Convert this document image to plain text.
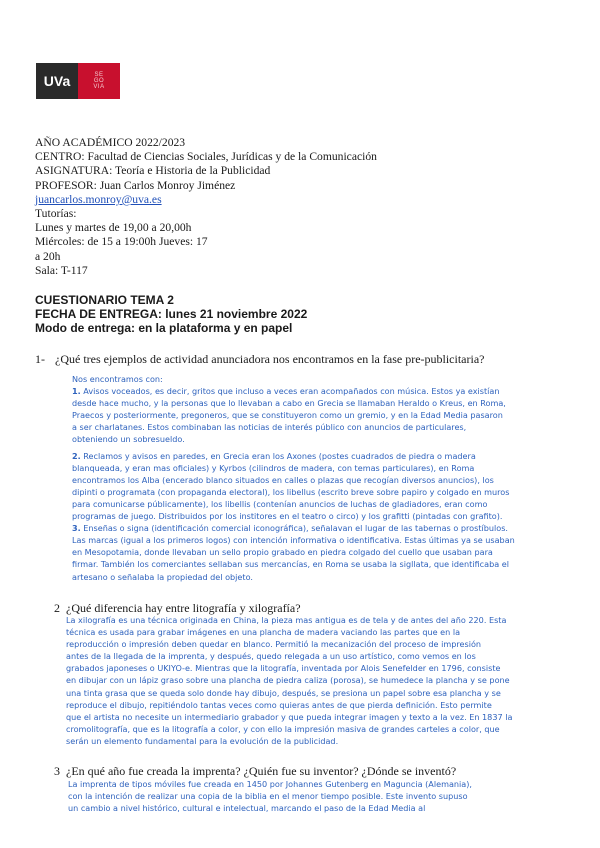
UVa	SE
GO
VIA
AÑO ACADÉMICO 2022/2023
CENTRO: Facultad de Ciencias Sociales, Jurídicas y de la Comunicación
ASIGNATURA: Teoría e Historia de la Publicidad
PROFESOR: Juan Carlos Monroy Jiménez
juancarlos.monroy@uva.es
Tutorías:
Lunes y martes de 19,00 a 20,00h
Miércoles: de 15 a 19:00h Jueves: 17
a 20h
Sala: T-117
CUESTIONARIO TEMA 2
FECHA DE ENTREGA: lunes 21 noviembre 2022
Modo de entrega: en la plataforma y en papel
1- ¿Qué tres ejemplos de actividad anunciadora nos encontramos en la fase pre-publicitaria?

Nos encontramos con:

1. Avisos voceados, es decir, gritos que incluso a veces eran acompañados con música. Estos ya existían

desde hace mucho, y la personas que lo llevaban a cabo en Grecia se llamaban Heraldo o Kreus, en Roma,

Praecos y posteriormente, pregoneros, que se constituyeron como un gremio, y en la Edad Media pasaron

a ser charlatanes. Estos combinaban las noticias de interés público con anuncios de particulares,

obteniendo un sobresueldo.

2. Reclamos y avisos en paredes, en Grecia eran los Axones (postes cuadrados de piedra o madera

blanqueada, y eran mas oficiales) y Kyrbos (cilindros de madera, con temas particulares), en Roma

encontramos los Alba (encerado blanco situados en calles o plazas que recogían diversos anuncios), los

dipinti o programata (con propaganda electoral), los libellus (escrito breve sobre papiro y colgado en muros

para comunicarse públicamente), los libellis (contenían anuncios de luchas de gladiadores, eran como

programas de juego. Distribuidos por los institores en el teatro o circo) y los grafitti (pintadas con grafito).

3. Enseñas o signa (identificación comercial iconográfica), señalavan el lugar de las tabernas o prostíbulos.

Las marcas (igual a los primeros logos) con intención informativa o identificativa. Estas últimas ya se usaban

en Mesopotamia, donde llevaban un sello propio grabado en piedra colgado del cuello que usaban para

firmar. También los comerciantes sellaban sus mercancías, en Roma se usaba la sigllata, que identificaba el

artesano o señalaba la propiedad del objeto.

2 ¿Qué diferencia hay entre litografía y xilografía?

La xilografía es una técnica originada en China, la pieza mas antigua es de tela y de antes del año 220. Esta

técnica es usada para grabar imágenes en una plancha de madera vaciando las partes que en la

reproducción o impresión deben quedar en blanco. Permitió la mecanización del proceso de impresión

antes de la llegada de la imprenta, y después, quedo relegada a un uso artístico, como vemos en los

grabados japoneses o UKIYO-e. Mientras que la litografía, inventada por Alois Senefelder en 1796, consiste

en dibujar con un lápiz graso sobre una plancha de piedra caliza (porosa), se humedece la plancha y se pone

una tinta grasa que se queda solo donde hay dibujo, después, se presiona un papel sobre esa plancha y se

reproduce el dibujo, repitiéndolo tantas veces como quieras antes de que pierda definición. Esto permite

que el artista no necesite un intermediario grabador y que pueda integrar imagen y texto a la vez. En 1837 la

cromolitografía, que es la litografía a color, y con ello la impresión masiva de grandes carteles a color, que

serán un elemento fundamental para la evolución de la publicidad.

3 ¿En qué año fue creada la imprenta? ¿Quién fue su inventor? ¿Dónde se inventó?

La imprenta de tipos móviles fue creada en 1450 por Johannes Gutenberg en Maguncia (Alemania),

con la intención de realizar una copia de la biblia en el menor tiempo posible. Este invento supuso

un cambio a nivel histórico, cultural e intelectual, marcando el paso de la Edad Media al
